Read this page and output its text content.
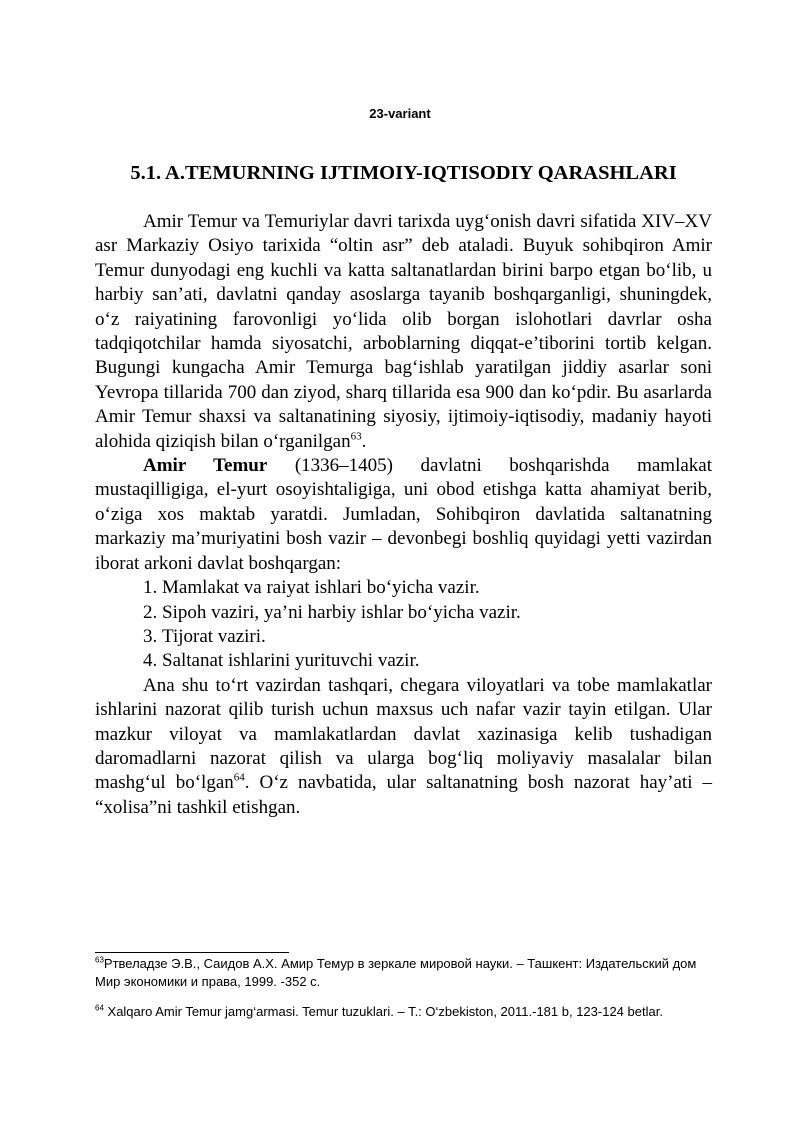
23-variant
5.1. A.TEMURNING IJTIMOIY-IQTISODIY QARASHLARI

Amir Temur va Temuriylar davri tarixda uyg‘onish davri sifatida XIV–XV asr Markaziy Osiyo tarixida “oltin asr” deb ataladi. Buyuk sohibqiron Amir Temur dunyodagi eng kuchli va katta saltanatlardan birini barpo etgan bo‘lib, u harbiy san’ati, davlatni qanday asoslarga tayanib boshqarganligi, shuningdek, o‘z raiyatining farovonligi yo‘lida olib borgan islohotlari davrlar osha tadqiqotchilar hamda siyosatchi, arboblarning diqqat-e’tiborini tortib kelgan. Bugungi kungacha Amir Temurga bag‘ishlab yaratilgan jiddiy asarlar soni Yevropa tillarida 700 dan ziyod, sharq tillarida esa 900 dan ko‘pdir. Bu asarlarda Amir Temur shaxsi va saltanatining siyosiy, ijtimoiy-iqtisodiy, madaniy hayoti alohida qiziqish bilan o‘rganilgan$^{63}$.

Amir Temur (1336–1405) davlatni boshqarishda mamlakat mustaqilligiga, el-yurt osoyishtaligiga, uni obod etishga katta ahamiyat berib, o‘ziga xos maktab yaratdi. Jumladan, Sohibqiron davlatida saltanatning markaziy ma’muriyatini bosh vazir – devonbegi boshliq quyidagi yetti vazirdan iborat arkoni davlat boshqargan:

1. Mamlakat va raiyat ishlari bo‘yicha vazir.
2. Sipoh vaziri, ya’ni harbiy ishlar bo‘yicha vazir.
3. Tijorat vaziri.
4. Saltanat ishlarini yurituvchi vazir.

Ana shu to‘rt vazirdan tashqari, chegara viloyatlari va tobe mamlakatlar ishlarini nazorat qilib turish uchun maxsus uch nafar vazir tayin etilgan. Ular mazkur viloyat va mamlakatlardan davlat xazinasiga kelib tushadigan daromadlarni nazorat qilish va ularga bog‘liq moliyaviy masalalar bilan mashg‘ul bo‘lgan$^{64}$. O‘z navbatida, ular saltanatning bosh nazorat hay’ati – “xolisa”ni tashkil etishgan.

$^{63}$Ртвеладзе Э.В., Саидов А.Х. Амир Темур в зеркале мировой науки. – Ташкент: Издательский дом Мир экономики и права, 1999. -352 с.

$^{64}$ Xalqaro Amir Temur jamg‘armasi. Temur tuzuklari. – T.: O‘zbekiston, 2011.-181 b, 123-124 betlar.
